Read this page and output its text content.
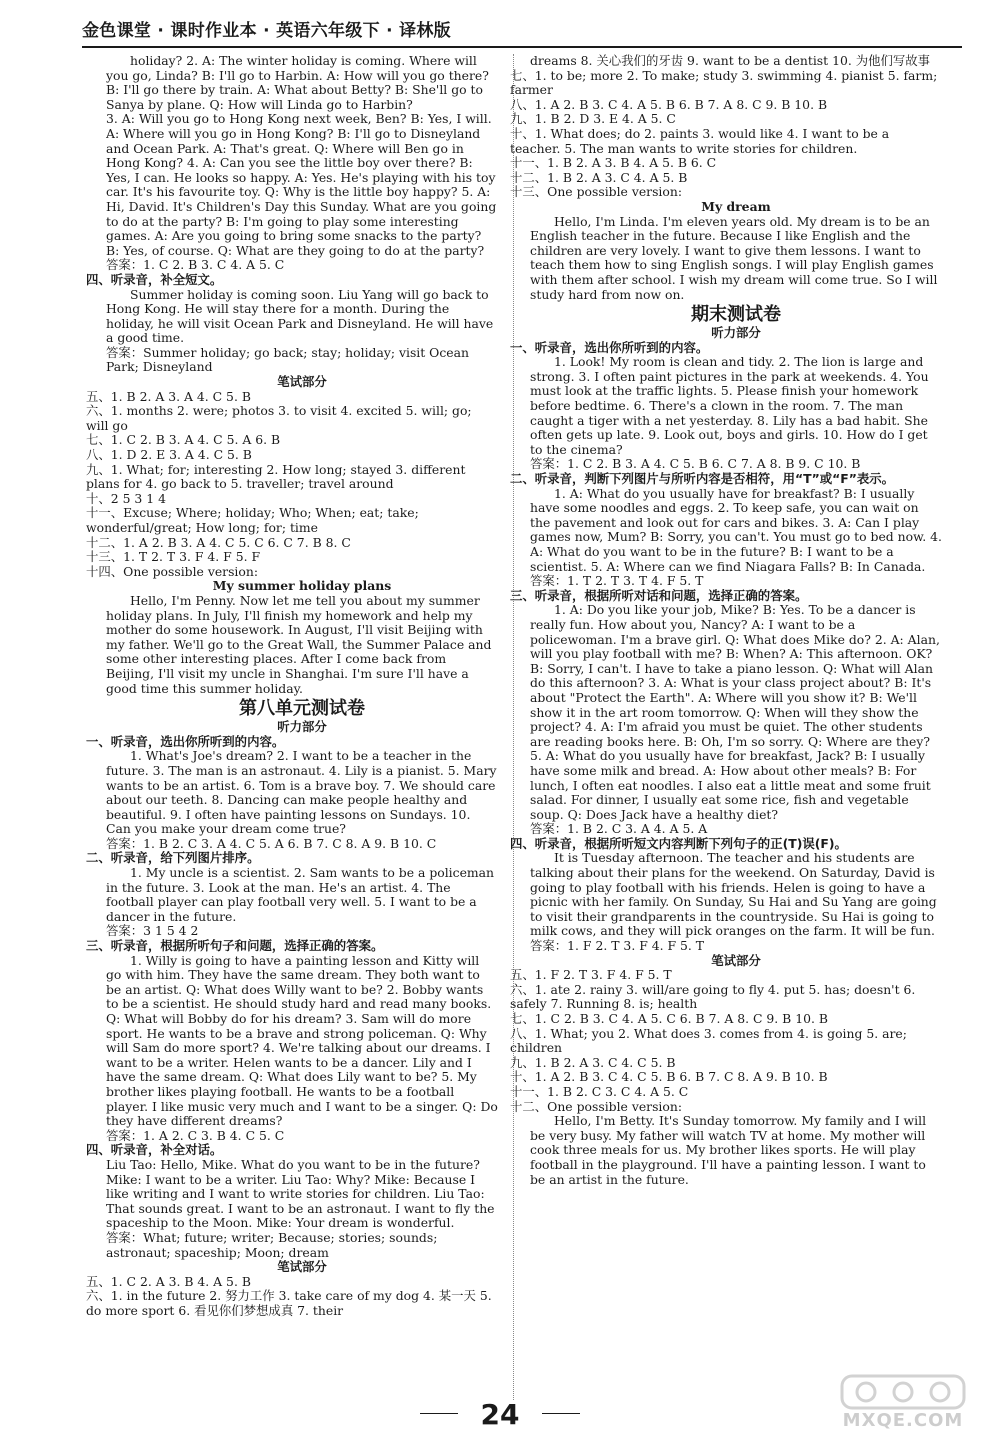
金色课堂 · 课时作业本 · 英语六年级下 · 译林版
holiday? 2. A: The winter holiday is coming. Where will you go, Linda? B: I'll go to Harbin. A: How will you go there? B: I'll go there by train. A: What about Betty? B: She'll go to Sanya by plane. Q: How will Linda go to Harbin?
3. A: Will you go to Hong Kong next week, Ben? B: Yes, I will. A: Where will you go in Hong Kong? B: I'll go to Disneyland and Ocean Park. A: That's great. Q: Where will Ben go in Hong Kong? 4. A: Can you see the little boy over there? B: Yes, I can. He looks so happy. A: Yes. He's playing with his toy car. It's his favourite toy. Q: Why is the little boy happy? 5. A: Hi, David. It's Children's Day this Sunday. What are you going to do at the party? B: I'm going to play some interesting games. A: Are you going to bring some snacks to the party? B: Yes, of course. Q: What are they going to do at the party?
答案：1. C 2. B 3. C 4. A 5. C
四、听录音，补全短文。
Summer holiday is coming soon. Liu Yang will go back to Hong Kong. He will stay there for a month. During the holiday, he will visit Ocean Park and Disneyland. He will have a good time.
答案：Summer holiday; go back; stay; holiday; visit Ocean Park; Disneyland
笔试部分
五、1. B 2. A 3. A 4. C 5. B
六、1. months 2. were; photos 3. to visit 4. excited 5. will; go; will go
七、1. C 2. B 3. A 4. C 5. A 6. B
八、1. D 2. E 3. A 4. C 5. B
九、1. What; for; interesting 2. How long; stayed 3. different plans for 4. go back to 5. traveller; travel around
十、2 5 3 1 4
十一、Excuse; Where; holiday; Who; When; eat; take; wonderful/great; How long; for; time
十二、1. A 2. B 3. A 4. C 5. C 6. C 7. B 8. C
十三、1. T 2. T 3. F 4. F 5. F
十四、One possible version:
My summer holiday plans
Hello, I'm Penny. Now let me tell you about my summer holiday plans. In July, I'll finish my homework and help my mother do some housework. In August, I'll visit Beijing with my father. We'll go to the Great Wall, the Summer Palace and some other interesting places. After I come back from Beijing, I'll visit my uncle in Shanghai. I'm sure I'll have a good time this summer holiday.
第八单元测试卷
听力部分
一、听录音，选出你所听到的内容。
1. What's Joe's dream? 2. I want to be a teacher in the future. 3. The man is an astronaut. 4. Lily is a pianist. 5. Mary wants to be an artist. 6. Tom is a brave boy. 7. We should care about our teeth. 8. Dancing can make people healthy and beautiful. 9. I often have painting lessons on Sundays. 10. Can you make your dream come true?
答案：1. B 2. C 3. A 4. C 5. A 6. B 7. C 8. A 9. B 10. C
二、听录音，给下列图片排序。
1. My uncle is a scientist. 2. Sam wants to be a policeman in the future. 3. Look at the man. He's an artist. 4. The football player can play football very well. 5. I want to be a dancer in the future.
答案：3 1 5 4 2
三、听录音，根据所听句子和问题，选择正确的答案。
1. Willy is going to have a painting lesson and Kitty will go with him. They have the same dream. They both want to be an artist. Q: What does Willy want to be? 2. Bobby wants to be a scientist. He should study hard and read many books. Q: What will Bobby do for his dream? 3. Sam will do more sport. He wants to be a brave and strong policeman. Q: Why will Sam do more sport? 4. We're talking about our dreams. I want to be a writer. Helen wants to be a dancer. Lily and I have the same dream. Q: What does Lily want to be? 5. My brother likes playing football. He wants to be a football player. I like music very much and I want to be a singer. Q: Do they have different dreams?
答案：1. A 2. C 3. B 4. C 5. C
四、听录音，补全对话。
Liu Tao: Hello, Mike. What do you want to be in the future? Mike: I want to be a writer. Liu Tao: Why? Mike: Because I like writing and I want to write stories for children. Liu Tao: That sounds great. I want to be an astronaut. I want to fly the spaceship to the Moon. Mike: Your dream is wonderful.
答案：What; future; writer; Because; stories; sounds; astronaut; spaceship; Moon; dream
笔试部分
五、1. C 2. A 3. B 4. A 5. B
六、1. in the future 2. 努力工作 3. take care of my dog 4. 某一天 5. do more sport 6. 看见你们梦想成真 7. their
dreams 8. 关心我们的牙齿 9. want to be a dentist 10. 为他们写故事
七、1. to be; more 2. To make; study 3. swimming 4. pianist 5. farm; farmer
八、1. A 2. B 3. C 4. A 5. B 6. B 7. A 8. C 9. B 10. B
九、1. B 2. D 3. E 4. A 5. C
十、1. What does; do 2. paints 3. would like 4. I want to be a teacher. 5. The man wants to write stories for children.
十一、1. B 2. A 3. B 4. A 5. B 6. C
十二、1. B 2. A 3. C 4. A 5. B
十三、One possible version:
My dream
Hello, I'm Linda. I'm eleven years old. My dream is to be an English teacher in the future. Because I like English and the children are very lovely. I want to give them lessons. I want to teach them how to sing English songs. I will play English games with them after school. I wish my dream will come true. So I will study hard from now on.
期末测试卷
听力部分
一、听录音，选出你所听到的内容。
1. Look! My room is clean and tidy. 2. The lion is large and strong. 3. I often paint pictures in the park at weekends. 4. You must look at the traffic lights. 5. Please finish your homework before bedtime. 6. There's a clown in the room. 7. The man caught a tiger with a net yesterday. 8. Lily has a bad habit. She often gets up late. 9. Look out, boys and girls. 10. How do I get to the cinema?
答案：1. C 2. B 3. A 4. C 5. B 6. C 7. A 8. B 9. C 10. B
二、听录音，判断下列图片与所听内容是否相符，用“T”或“F”表示。
1. A: What do you usually have for breakfast? B: I usually have some noodles and eggs. 2. To keep safe, you can wait on the pavement and look out for cars and bikes. 3. A: Can I play games now, Mum? B: Sorry, you can't. You must go to bed now. 4. A: What do you want to be in the future? B: I want to be a scientist. 5. A: Where can we find Niagara Falls? B: In Canada.
答案：1. T 2. T 3. T 4. F 5. T
三、听录音，根据所听对话和问题，选择正确的答案。
1. A: Do you like your job, Mike? B: Yes. To be a dancer is really fun. How about you, Nancy? A: I want to be a policewoman. I'm a brave girl. Q: What does Mike do? 2. A: Alan, will you play football with me? B: When? A: This afternoon. OK? B: Sorry, I can't. I have to take a piano lesson. Q: What will Alan do this afternoon? 3. A: What is your class project about? B: It's about "Protect the Earth". A: Where will you show it? B: We'll show it in the art room tomorrow. Q: When will they show the project? 4. A: I'm afraid you must be quiet. The other students are reading books here. B: Oh, I'm so sorry. Q: Where are they? 5. A: What do you usually have for breakfast, Jack? B: I usually have some milk and bread. A: How about other meals? B: For lunch, I often eat noodles. I also eat a little meat and some fruit salad. For dinner, I usually eat some rice, fish and vegetable soup. Q: Does Jack have a healthy diet?
答案：1. B 2. C 3. A 4. A 5. A
四、听录音，根据所听短文内容判断下列句子的正(T)误(F)。
It is Tuesday afternoon. The teacher and his students are talking about their plans for the weekend. On Saturday, David is going to play football with his friends. Helen is going to have a picnic with her family. On Sunday, Su Hai and Su Yang are going to visit their grandparents in the countryside. Su Hai is going to milk cows, and they will pick oranges on the farm. It will be fun.
答案：1. F 2. T 3. F 4. F 5. T
笔试部分
五、1. F 2. T 3. F 4. F 5. T
六、1. ate 2. rainy 3. will/are going to fly 4. put 5. has; doesn't 6. safely 7. Running 8. is; health
七、1. C 2. B 3. C 4. A 5. C 6. B 7. A 8. C 9. B 10. B
八、1. What; you 2. What does 3. comes from 4. is going 5. are; children
九、1. B 2. A 3. C 4. C 5. B
十、1. A 2. B 3. C 4. C 5. B 6. B 7. C 8. A 9. B 10. B
十一、1. B 2. C 3. C 4. A 5. C
十二、One possible version:
Hello, I'm Betty. It's Sunday tomorrow. My family and I will be very busy. My father will watch TV at home. My mother will cook three meals for us. My brother likes sports. He will play football in the playground. I'll have a painting lesson. I want to be an artist in the future.
24	MXQE.COM
